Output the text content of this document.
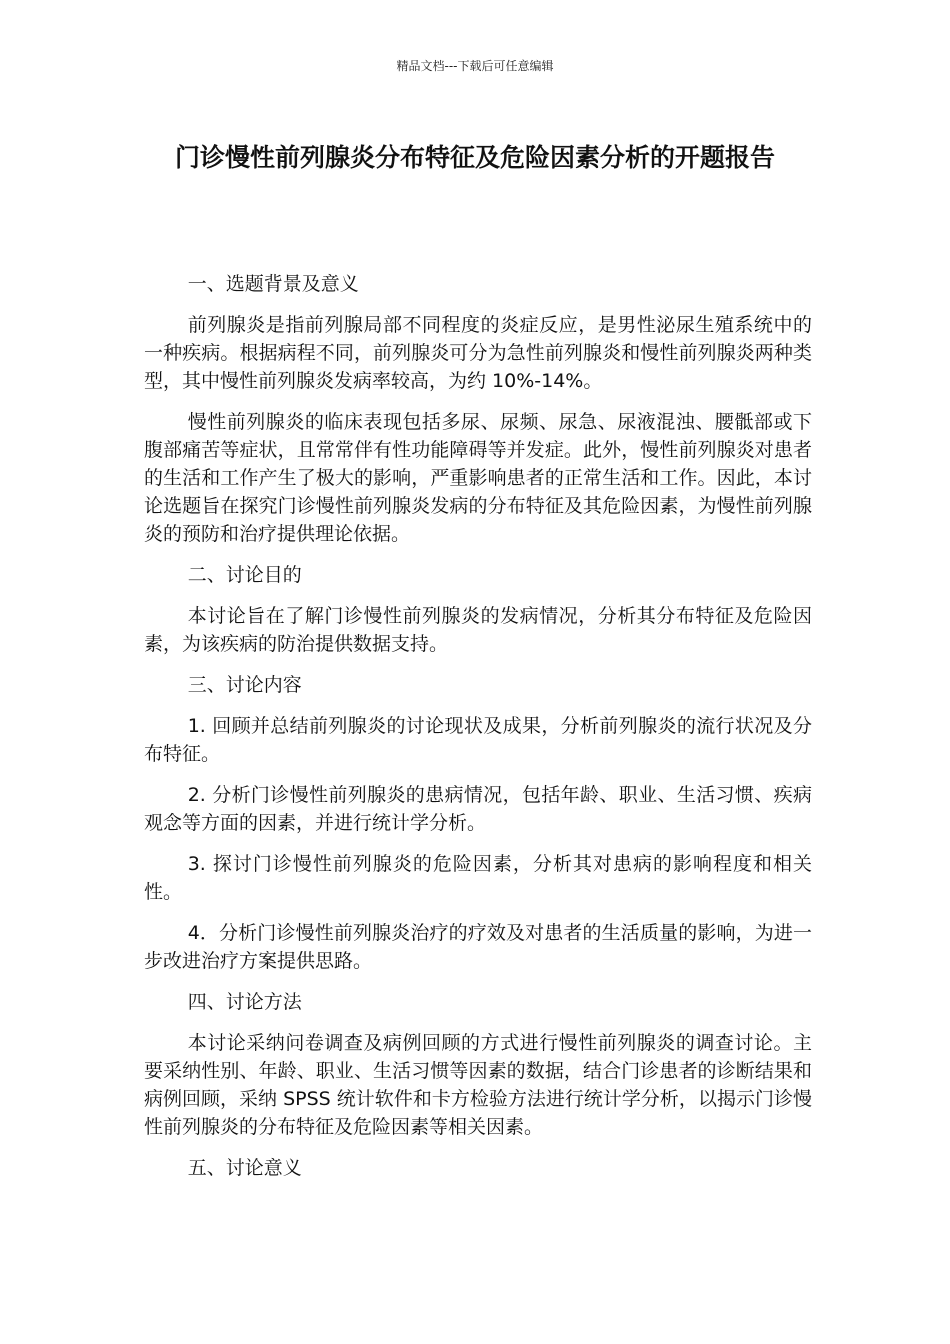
精品文档---下载后可任意编辑
门诊慢性前列腺炎分布特征及危险因素分析的开题报告
一、选题背景及意义

前列腺炎是指前列腺局部不同程度的炎症反应，是男性泌尿生殖系统中的一种疾病。根据病程不同，前列腺炎可分为急性前列腺炎和慢性前列腺炎两种类型，其中慢性前列腺炎发病率较高，为约 10%-14%。

慢性前列腺炎的临床表现包括多尿、尿频、尿急、尿液混浊、腰骶部或下腹部痛苦等症状，且常常伴有性功能障碍等并发症。此外，慢性前列腺炎对患者的生活和工作产生了极大的影响，严重影响患者的正常生活和工作。因此，本讨论选题旨在探究门诊慢性前列腺炎发病的分布特征及其危险因素，为慢性前列腺炎的预防和治疗提供理论依据。

二、讨论目的

本讨论旨在了解门诊慢性前列腺炎的发病情况，分析其分布特征及危险因素，为该疾病的防治提供数据支持。

三、讨论内容

1. 回顾并总结前列腺炎的讨论现状及成果，分析前列腺炎的流行状况及分布特征。

2. 分析门诊慢性前列腺炎的患病情况，包括年龄、职业、生活习惯、疾病观念等方面的因素，并进行统计学分析。

3. 探讨门诊慢性前列腺炎的危险因素，分析其对患病的影响程度和相关性。

4．分析门诊慢性前列腺炎治疗的疗效及对患者的生活质量的影响，为进一步改进治疗方案提供思路。

四、讨论方法

本讨论采纳问卷调查及病例回顾的方式进行慢性前列腺炎的调查讨论。主要采纳性别、年龄、职业、生活习惯等因素的数据，结合门诊患者的诊断结果和病例回顾，采纳 SPSS 统计软件和卡方检验方法进行统计学分析，以揭示门诊慢性前列腺炎的分布特征及危险因素等相关因素。

五、讨论意义
